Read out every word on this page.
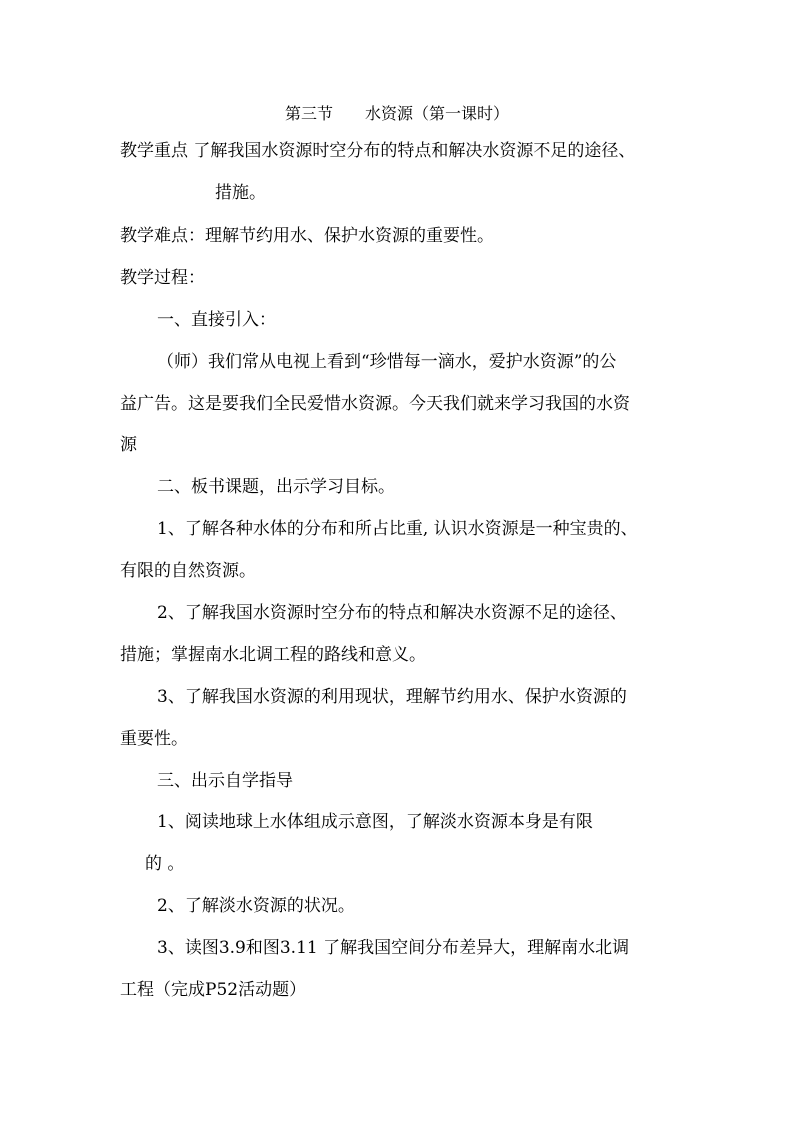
第三节　　水资源（第一课时）
教学重点 了解我国水资源时空分布的特点和解决水资源不足的途径、
措施。
教学难点：理解节约用水、保护水资源的重要性。
教学过程：
一、直接引入：
（师）我们常从电视上看到“珍惜每一滴水，爱护水资源”的公
益广告。这是要我们全民爱惜水资源。今天我们就来学习我国的水资
源
二、板书课题，出示学习目标。
1、了解各种水体的分布和所占比重, 认识水资源是一种宝贵的、
有限的自然资源。
2、了解我国水资源时空分布的特点和解决水资源不足的途径、
措施；掌握南水北调工程的路线和意义。
3、了解我国水资源的利用现状，理解节约用水、保护水资源的
重要性。
三、出示自学指导
1、阅读地球上水体组成示意图，了解淡水资源本身是有限
的 。
2、了解淡水资源的状况。
3、读图3.9和图3.11 了解我国空间分布差异大，理解南水北调
工程（完成P52活动题）
